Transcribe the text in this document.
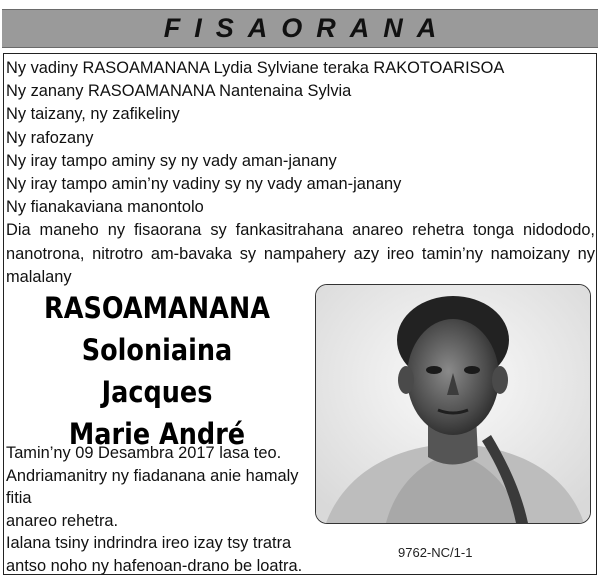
FISAORANA
Ny vadiny RASOAMANANA Lydia Sylviane teraka RAKOTOARISOA
Ny zanany RASOAMANANA Nantenaina Sylvia
Ny taizany, ny zafikeliny
Ny rafozany
Ny iray tampo aminy sy ny vady aman-janany
Ny iray tampo amin’ny vadiny sy ny vady aman-janany
Ny fianakaviana manontolo
Dia maneho ny fisaorana sy fankasitrahana anareo rehetra tonga nidododo,
nanotrona, nitrotro am-bavaka sy nampahery azy ireo tamin’ny namoizany ny malalany
RASOAMANANA
Soloniaina Jacques
Marie André
Tamin’ny 09 Desambra 2017 lasa teo.
Andriamanitry ny fiadanana anie hamaly fitia
anareo rehetra.
Ialana tsiny indrindra ireo izay tsy tratra
antso noho ny hafenoan-drano be loatra.
9762-NC/1-1
